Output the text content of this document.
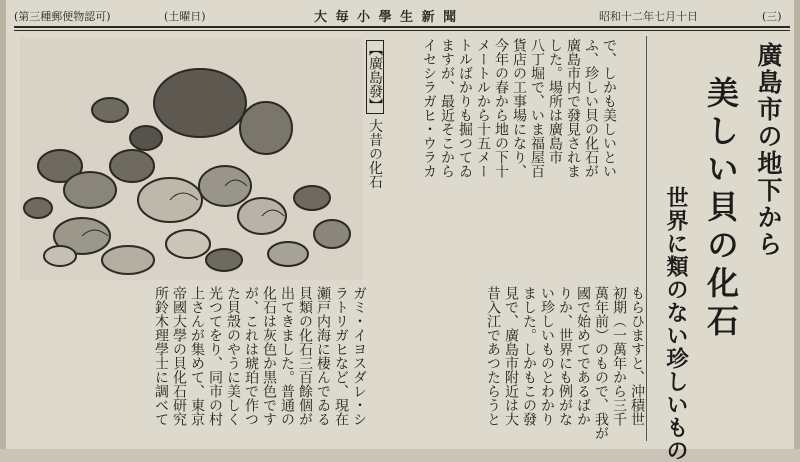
(第三種郵便物認可)	(土曜日)	大 毎 小 學 生 新 聞	昭和十二年七月十日	(三)
廣島市の地下から
美しい貝の化石
世界に類のない珍しいもの
【廣島發】 大昔の化石	で、しかも美しいとい
ふ、珍しい貝の化石が
廣島市内で發見されま
した。場所は廣島市
八丁堀で、いま福屋百
貨店の工事場になり、
今年の春から地の下十
メートルから十五メー
トルばかりも掘つてゐ
ますが、最近そこから
イセシラガヒ・ウラカ
ガミ・イヨスダレ・シ
ラトリガヒなど、現在
瀬戸内海に棲んでゐる
貝類の化石三百餘個が
出てきました。普通の
化石は灰色か黒色です
が、これは琥珀で作つ
た貝殼のやうに美しく
光つてをり、同市の村
上さんが集めて、東京
帝國大學の貝化石研究
所鈴木理學士に調べて	もらひますと、沖積世
初期（一萬年から三千
萬年前）のもので、我が
國で始めてであるばか
りか、世界にも例がな
い珍しいものとわかり
ました。しかもこの發
見で、廣島市附近は大
昔入江であつたらうと
